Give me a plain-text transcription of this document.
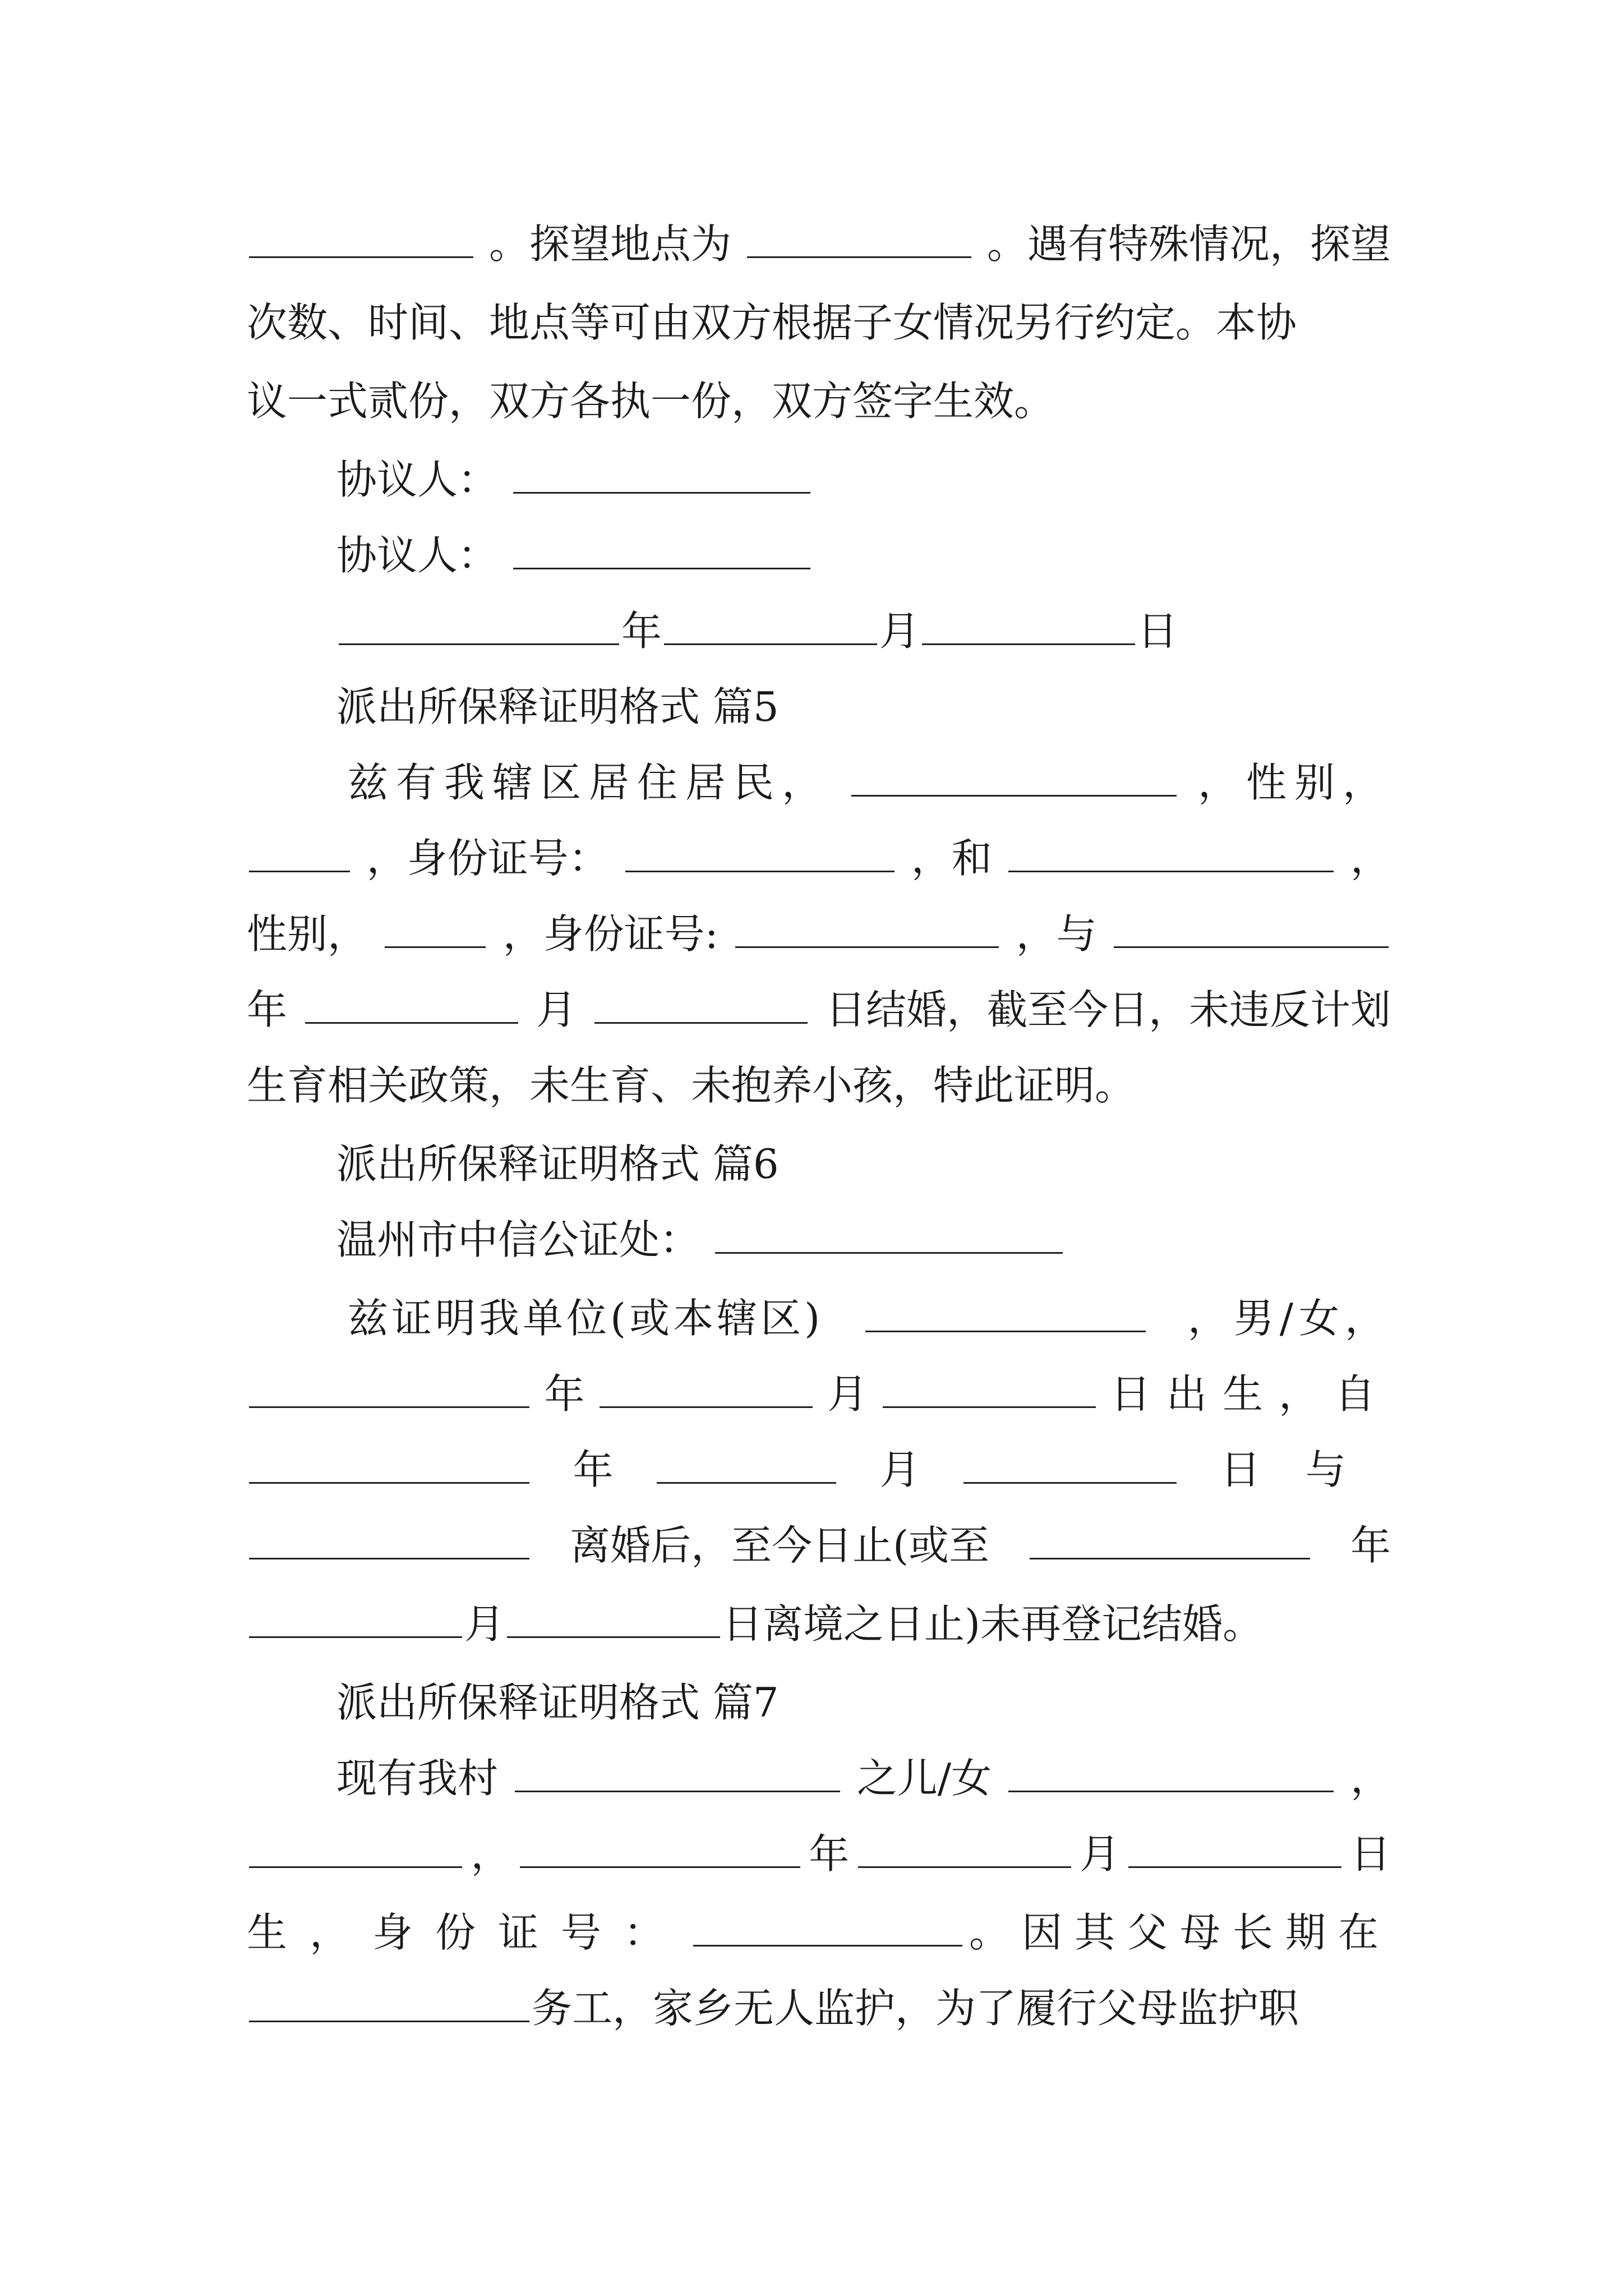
。探望地点为	。遇有特殊情况，探望
次数、时间、地点等可由双方根据子女情况另行约定。本协
议一式贰份，双方各执一份，双方签字生效。
协议人：
协议人：
年	月	日
派出所保释证明格式 篇5
兹有我辖区居住居民，	，性别，
，身份证号：	，和	，
性别，	，身份证号:	，与
年	月	日结婚，截至今日，未违反计划
生育相关政策，未生育、未抱养小孩，特此证明。
派出所保释证明格式 篇6
温州市中信公证处：
兹证明我单位(或本辖区)	，男/女，
年	月	日出生，自
年	月	日与
离婚后，至今日止(或至	年
月	日离境之日止)未再登记结婚。
派出所保释证明格式 篇7
现有我村	之儿/女	，
，	年	月	日
生，身份证号：	。因其父母长期在
务工，家乡无人监护，为了履行父母监护职
